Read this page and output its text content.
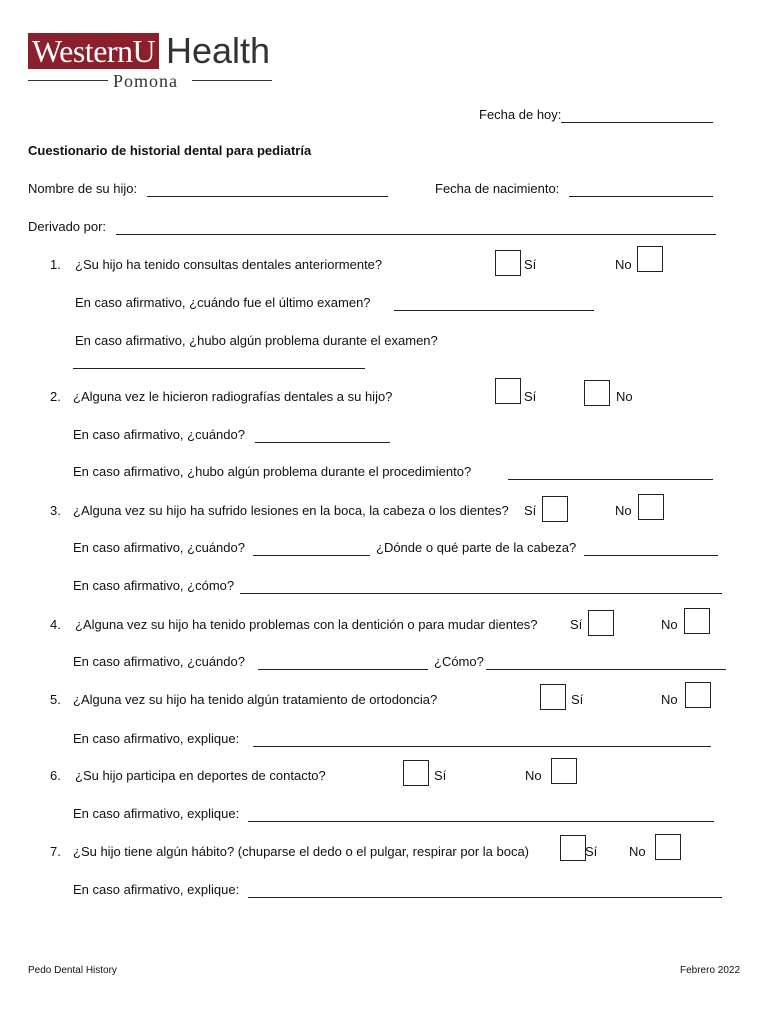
WesternU Health
Pomona
Fecha de hoy:
Cuestionario de historial dental para pediatría
Nombre de su hijo:	Fecha de nacimiento:
Derivado por:
1. ¿Su hijo ha tenido consultas dentales anteriormente?	Sí	No
En caso afirmativo, ¿cuándo fue el último examen?
En caso afirmativo, ¿hubo algún problema durante el examen?
2. ¿Alguna vez le hicieron radiografías dentales a su hijo?	Sí	No
En caso afirmativo, ¿cuándo?
En caso afirmativo, ¿hubo algún problema durante el procedimiento?
3. ¿Alguna vez su hijo ha sufrido lesiones en la boca, la cabeza o los dientes? Sí	No
En caso afirmativo, ¿cuándo?	¿Dónde o qué parte de la cabeza?
En caso afirmativo, ¿cómo?
4. ¿Alguna vez su hijo ha tenido problemas con la dentición o para mudar dientes? Sí	No
En caso afirmativo, ¿cuándo?	¿Cómo?
5. ¿Alguna vez su hijo ha tenido algún tratamiento de ortodoncia?	Sí	No
En caso afirmativo, explique:
6. ¿Su hijo participa en deportes de contacto?	Sí	No
En caso afirmativo, explique:
7. ¿Su hijo tiene algún hábito? (chuparse el dedo o el pulgar, respirar por la boca)	Sí No
En caso afirmativo, explique:
Pedo Dental History	Febrero 2022
